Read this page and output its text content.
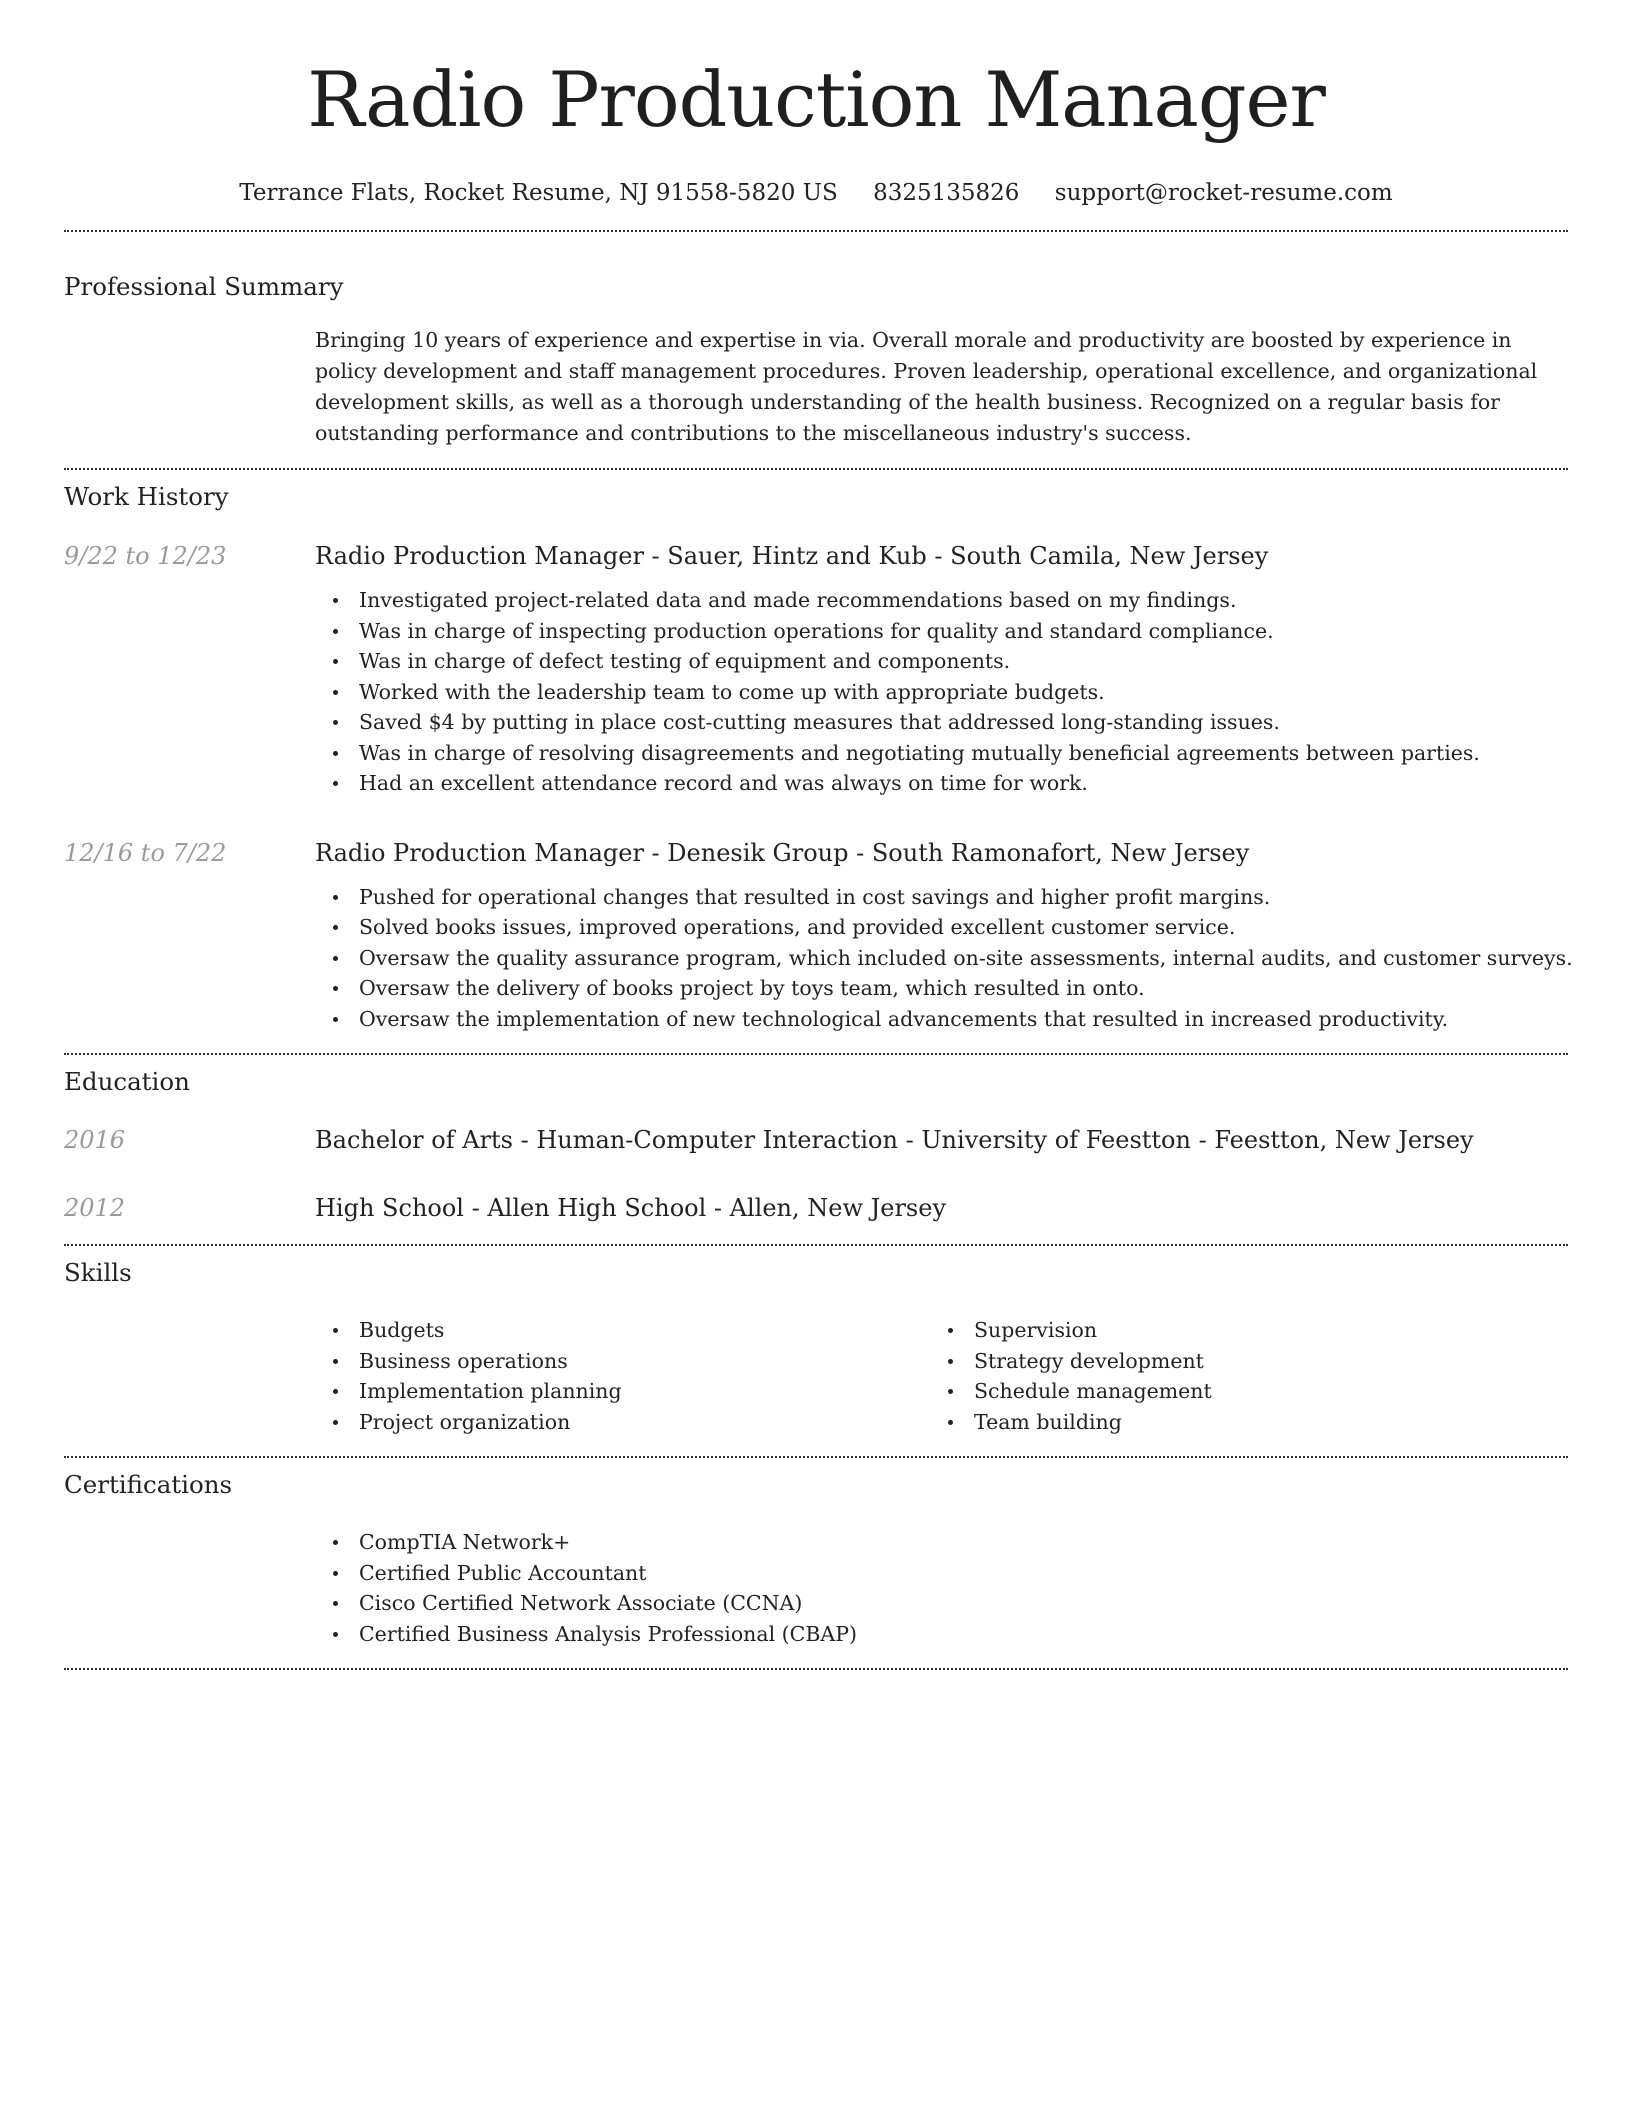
Radio Production Manager
Terrance Flats, Rocket Resume, NJ 91558-5820 US 8325135826 support@rocket-resume.com
Professional Summary

Bringing 10 years of experience and expertise in via. Overall morale and productivity are boosted by experience in policy development and staff management procedures. Proven leadership, operational excellence, and organizational development skills, as well as a thorough understanding of the health business. Recognized on a regular basis for outstanding performance and contributions to the miscellaneous industry's success.

Work History
9/22 to 12/23	Radio Production Manager - Sauer, Hintz and Kub - South Camila, New Jersey
Investigated project-related data and made recommendations based on my findings.
Was in charge of inspecting production operations for quality and standard compliance.
Was in charge of defect testing of equipment and components.
Worked with the leadership team to come up with appropriate budgets.
Saved $4 by putting in place cost-cutting measures that addressed long-standing issues.
Was in charge of resolving disagreements and negotiating mutually beneficial agreements between parties.
Had an excellent attendance record and was always on time for work.
12/16 to 7/22	Radio Production Manager - Denesik Group - South Ramonafort, New Jersey
Pushed for operational changes that resulted in cost savings and higher profit margins.
Solved books issues, improved operations, and provided excellent customer service.
Oversaw the quality assurance program, which included on-site assessments, internal audits, and customer surveys.
Oversaw the delivery of books project by toys team, which resulted in onto.
Oversaw the implementation of new technological advancements that resulted in increased productivity.
Education
2016	Bachelor of Arts - Human-Computer Interaction - University of Feestton - Feestton, New Jersey
2012	High School - Allen High School - Allen, New Jersey
Skills
Budgets
Business operations
Implementation planning
Project organization
Supervision
Strategy development
Schedule management
Team building
Certifications
CompTIA Network+
Certified Public Accountant
Cisco Certified Network Associate (CCNA)
Certified Business Analysis Professional (CBAP)
